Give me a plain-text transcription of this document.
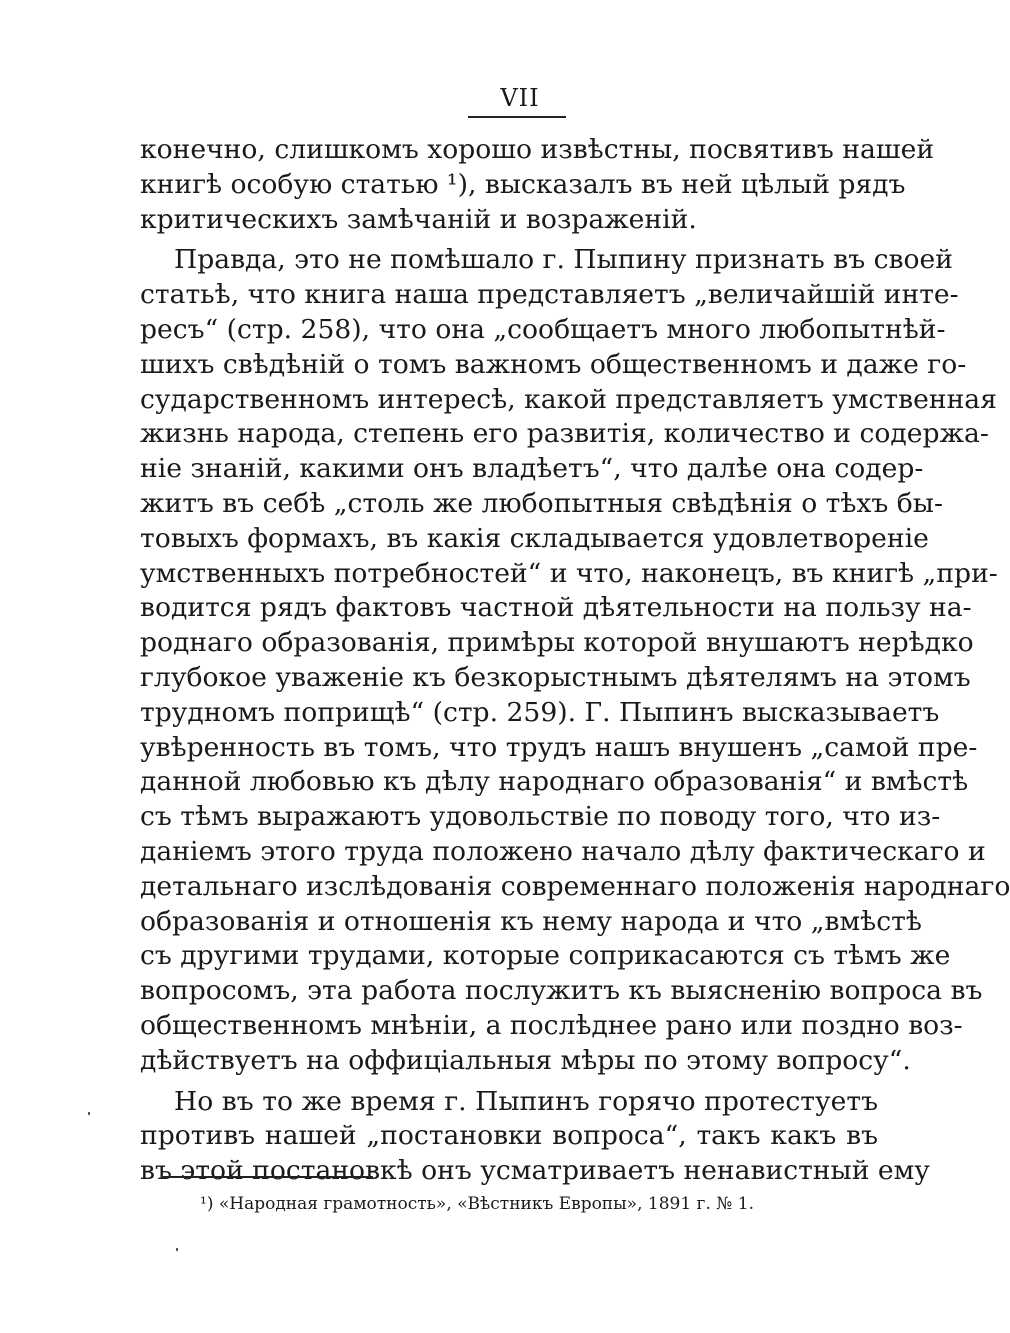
VII
конечно, слишкомъ хорошо извѣстны, посвятивъ нашей
книгѣ особую статью ¹), высказалъ въ ней цѣлый рядъ
критическихъ замѣчаній и возраженій.
Правда, это не помѣшало г. Пыпину признать въ своей
статьѣ, что книга наша представляетъ „величайшій инте-
ресъ“ (стр. 258), что она „сообщаетъ много любопытнѣй-
шихъ свѣдѣній о томъ важномъ общественномъ и даже го-
сударственномъ интересѣ, какой представляетъ умственная
жизнь народа, степень его развитія, количество и содержа-
ніе знаній, какими онъ владѣетъ“, что далѣе она содер-
житъ въ себѣ „столь же любопытныя свѣдѣнія о тѣхъ бы-
товыхъ формахъ, въ какія складывается удовлетвореніе
умственныхъ потребностей“ и что, наконецъ, въ книгѣ „при-
водится рядъ фактовъ частной дѣятельности на пользу на-
роднаго образованія, примѣры которой внушаютъ нерѣдко
глубокое уваженіе къ безкорыстнымъ дѣятелямъ на этомъ
трудномъ поприщѣ“ (стр. 259). Г. Пыпинъ высказываетъ
увѣренность въ томъ, что трудъ нашъ внушенъ „самой пре-
данной любовью къ дѣлу народнаго образованія“ и вмѣстѣ
съ тѣмъ выражаютъ удовольствіе по поводу того, что из-
даніемъ этого труда положено начало дѣлу фактическаго и
детальнаго изслѣдованія современнаго положенія народнаго
образованія и отношенія къ нему народа и что „вмѣстѣ
съ другими трудами, которые соприкасаются съ тѣмъ же
вопросомъ, эта работа послужитъ къ выясненію вопроса въ
общественномъ мнѣніи, а послѣднее рано или поздно воз-
дѣйствуетъ на оффиціальныя мѣры по этому вопросу“.
Но въ то же время г. Пыпинъ горячо протестуетъ
противъ нашей „постановки вопроса“, такъ какъ въ
въ этой постановкѣ онъ усматриваетъ ненавистный ему
¹) «Народная грамотность», «Вѣстникъ Европы», 1891 г. № 1.
